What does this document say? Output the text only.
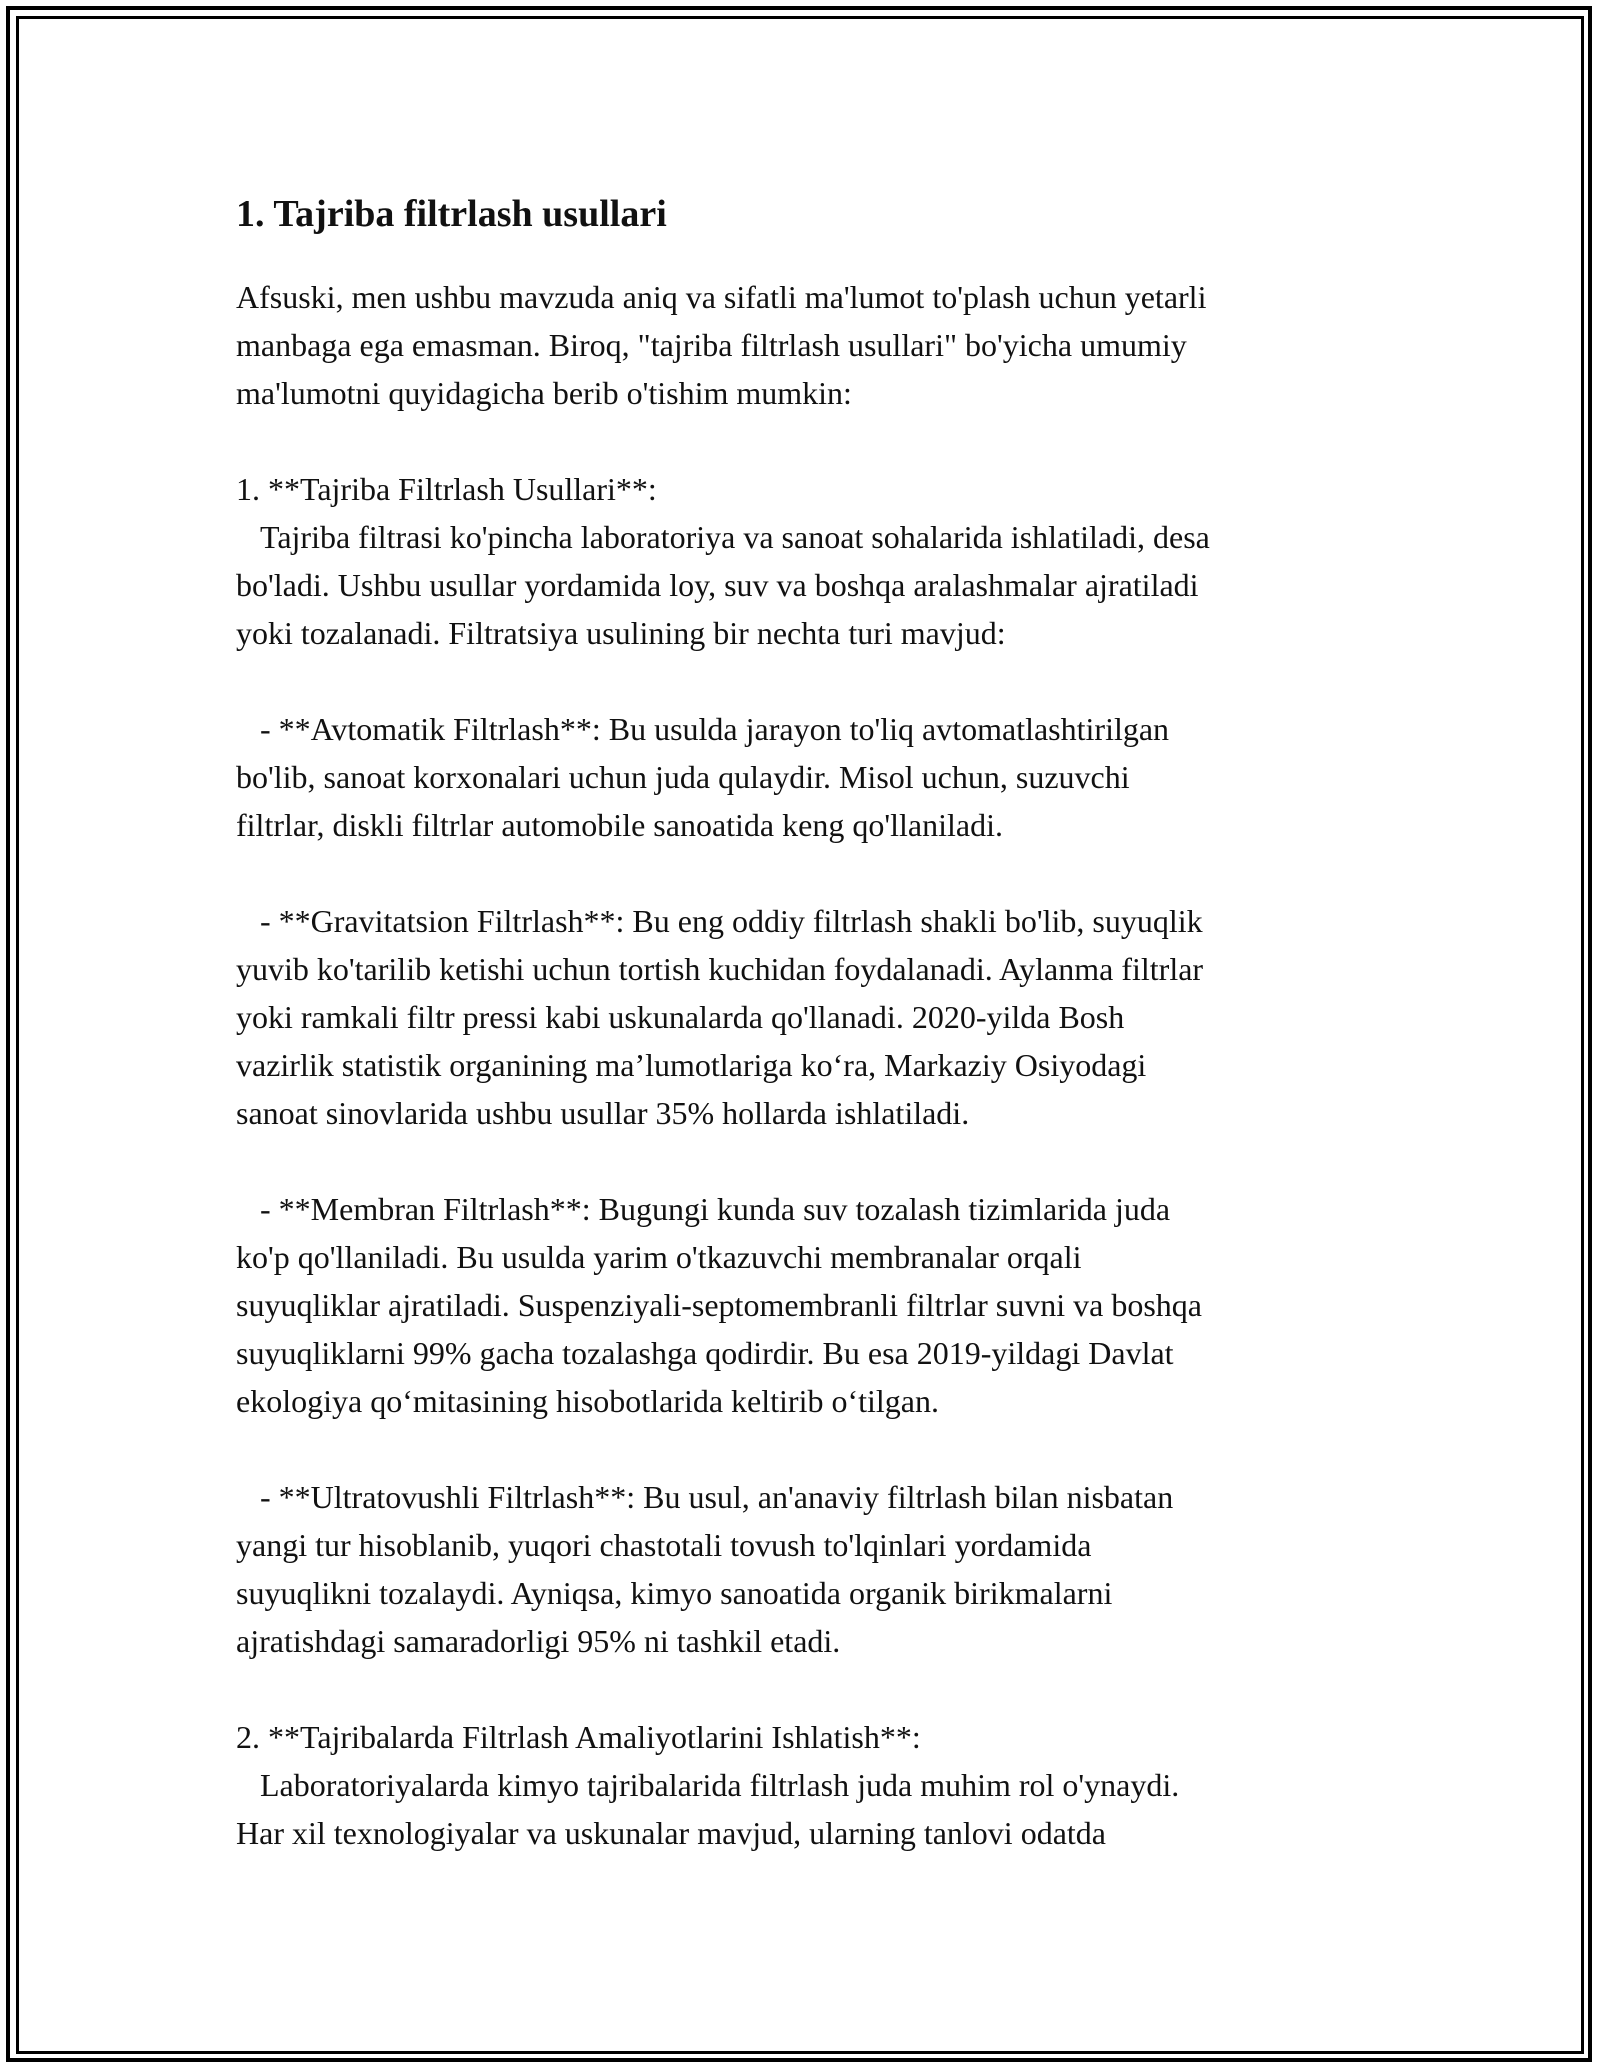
1. Tajriba filtrlash usullari

Afsuski, men ushbu mavzuda aniq va sifatli ma'lumot to'plash uchun yetarli
manbaga ega emasman. Biroq, "tajriba filtrlash usullari" bo'yicha umumiy
ma'lumotni quyidagicha berib o'tishim mumkin:

1. **Tajriba Filtrlash Usullari**:
Tajriba filtrasi ko'pincha laboratoriya va sanoat sohalarida ishlatiladi, desa
bo'ladi. Ushbu usullar yordamida loy, suv va boshqa aralashmalar ajratiladi
yoki tozalanadi. Filtratsiya usulining bir nechta turi mavjud:

- **Avtomatik Filtrlash**: Bu usulda jarayon to'liq avtomatlashtirilgan
bo'lib, sanoat korxonalari uchun juda qulaydir. Misol uchun, suzuvchi
filtrlar, diskli filtrlar automobile sanoatida keng qo'llaniladi.

- **Gravitatsion Filtrlash**: Bu eng oddiy filtrlash shakli bo'lib, suyuqlik
yuvib ko'tarilib ketishi uchun tortish kuchidan foydalanadi. Aylanma filtrlar
yoki ramkali filtr pressi kabi uskunalarda qo'llanadi. 2020-yilda Bosh
vazirlik statistik organining ma’lumotlariga ko‘ra, Markaziy Osiyodagi
sanoat sinovlarida ushbu usullar 35% hollarda ishlatiladi.

- **Membran Filtrlash**: Bugungi kunda suv tozalash tizimlarida juda
ko'p qo'llaniladi. Bu usulda yarim o'tkazuvchi membranalar orqali
suyuqliklar ajratiladi. Suspenziyali-septomembranli filtrlar suvni va boshqa
suyuqliklarni 99% gacha tozalashga qodirdir. Bu esa 2019-yildagi Davlat
ekologiya qo‘mitasining hisobotlarida keltirib o‘tilgan.

- **Ultratovushli Filtrlash**: Bu usul, an'anaviy filtrlash bilan nisbatan
yangi tur hisoblanib, yuqori chastotali tovush to'lqinlari yordamida
suyuqlikni tozalaydi. Ayniqsa, kimyo sanoatida organik birikmalarni
ajratishdagi samaradorligi 95% ni tashkil etadi.

2. **Tajribalarda Filtrlash Amaliyotlarini Ishlatish**:
Laboratoriyalarda kimyo tajribalarida filtrlash juda muhim rol o'ynaydi.
Har xil texnologiyalar va uskunalar mavjud, ularning tanlovi odatda
